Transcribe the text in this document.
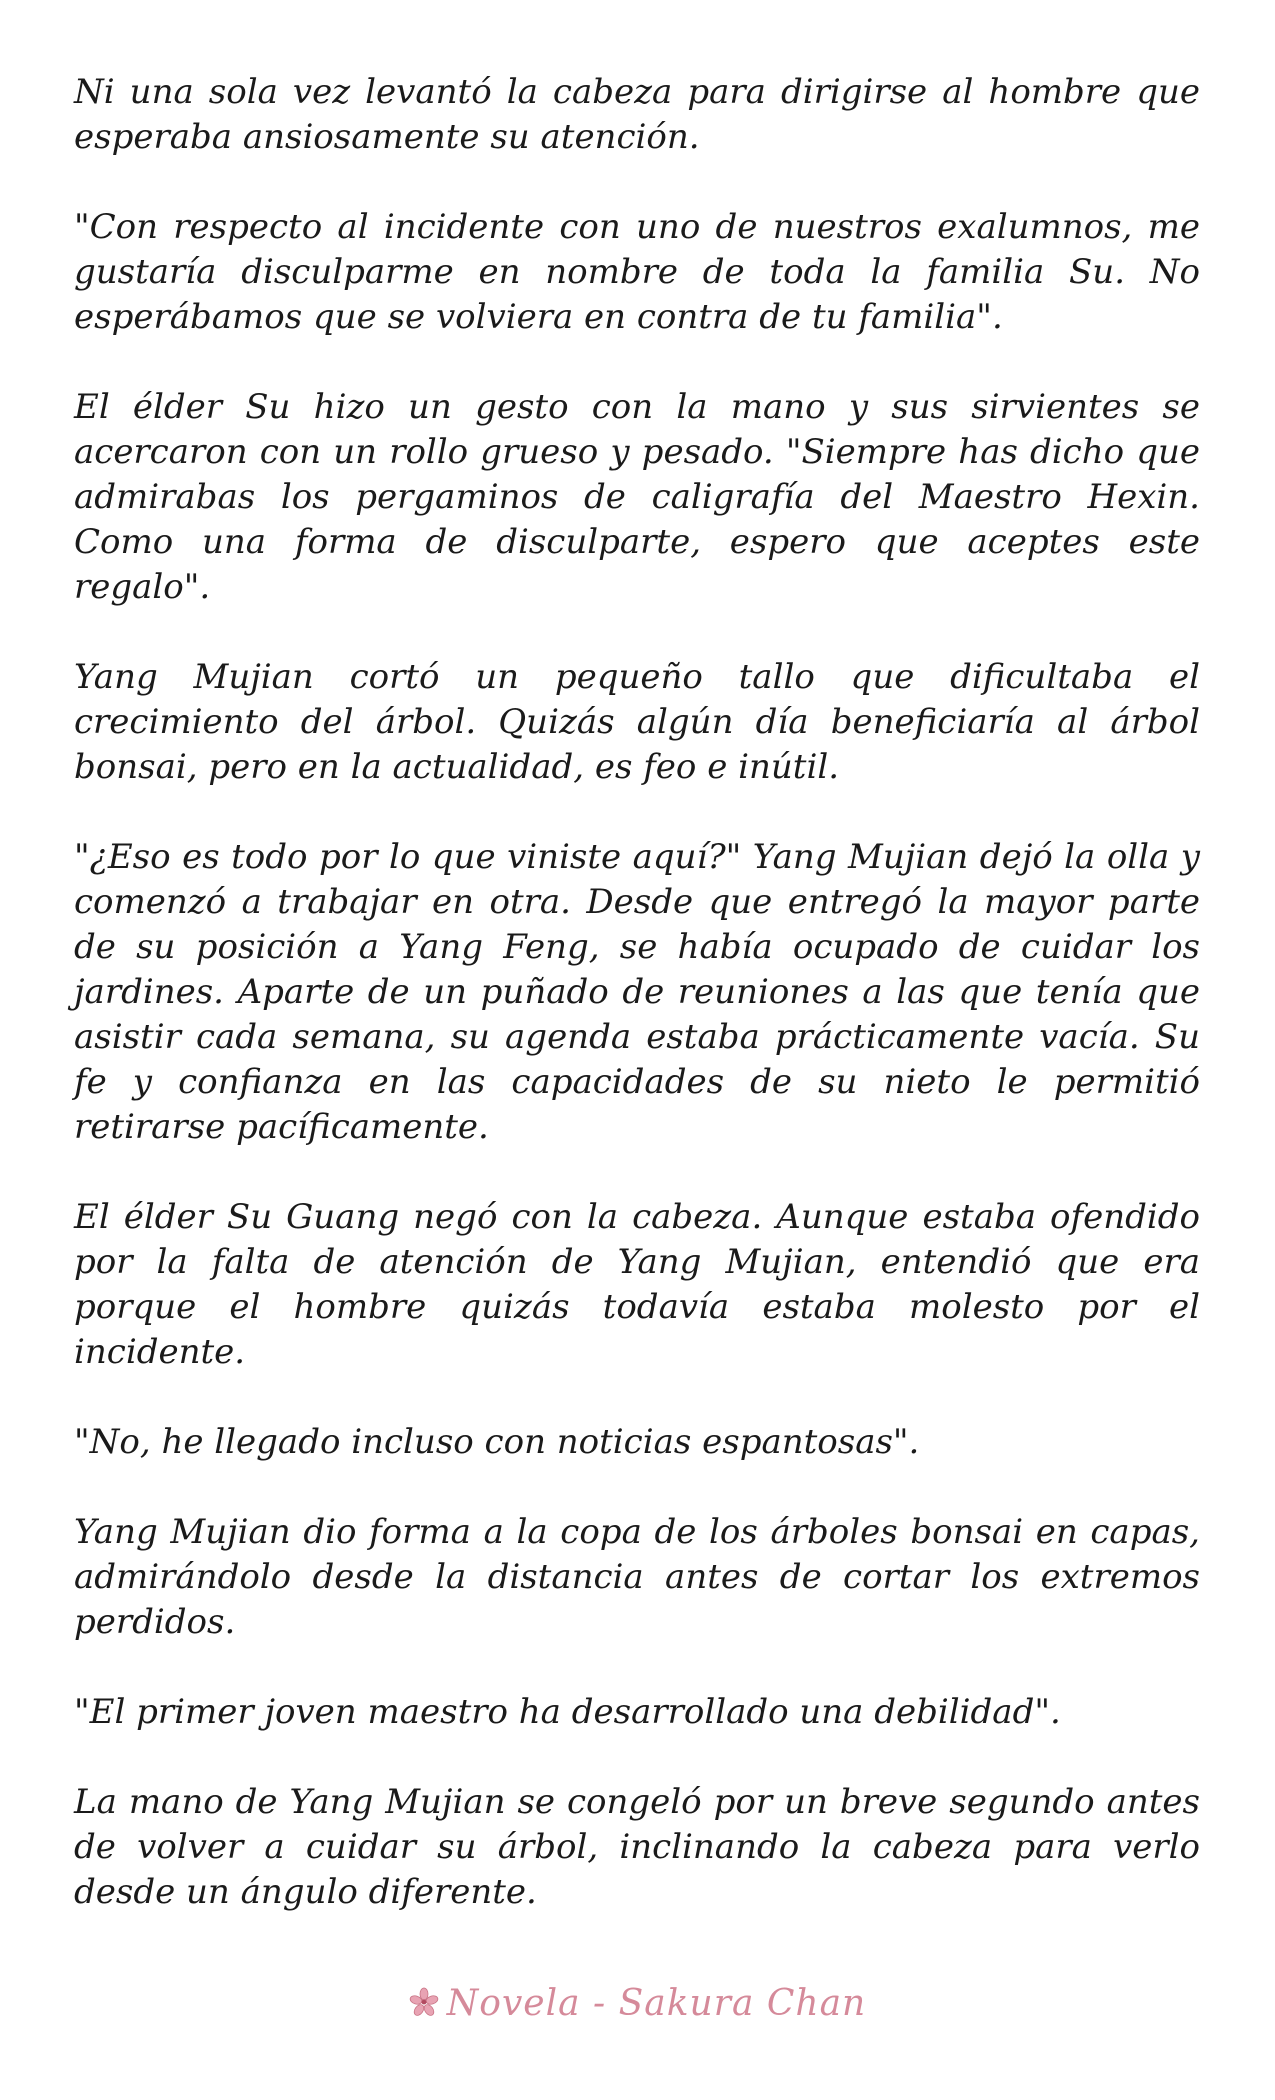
Ni una sola vez levantó la cabeza para dirigirse al hombre que esperaba ansiosamente su atención.

"Con respecto al incidente con uno de nuestros exalumnos, me gustaría disculparme en nombre de toda la familia Su. No esperábamos que se volviera en contra de tu familia".

El élder Su hizo un gesto con la mano y sus sirvientes se acercaron con un rollo grueso y pesado. "Siempre has dicho que admirabas los pergaminos de caligrafía del Maestro Hexin. Como una forma de disculparte, espero que aceptes este regalo".

Yang Mujian cortó un pequeño tallo que dificultaba el crecimiento del árbol. Quizás algún día beneficiaría al árbol bonsai, pero en la actualidad, es feo e inútil.

"¿Eso es todo por lo que viniste aquí?" Yang Mujian dejó la olla y comenzó a trabajar en otra. Desde que entregó la mayor parte de su posición a Yang Feng, se había ocupado de cuidar los jardines. Aparte de un puñado de reuniones a las que tenía que asistir cada semana, su agenda estaba prácticamente vacía. Su fe y confianza en las capacidades de su nieto le permitió retirarse pacíficamente.

El élder Su Guang negó con la cabeza. Aunque estaba ofendido por la falta de atención de Yang Mujian, entendió que era porque el hombre quizás todavía estaba molesto por el incidente.

"No, he llegado incluso con noticias espantosas".

Yang Mujian dio forma a la copa de los árboles bonsai en capas, admirándolo desde la distancia antes de cortar los extremos perdidos.

"El primer joven maestro ha desarrollado una debilidad".

La mano de Yang Mujian se congeló por un breve segundo antes de volver a cuidar su árbol, inclinando la cabeza para verlo desde un ángulo diferente.

Novela - Sakura Chan
